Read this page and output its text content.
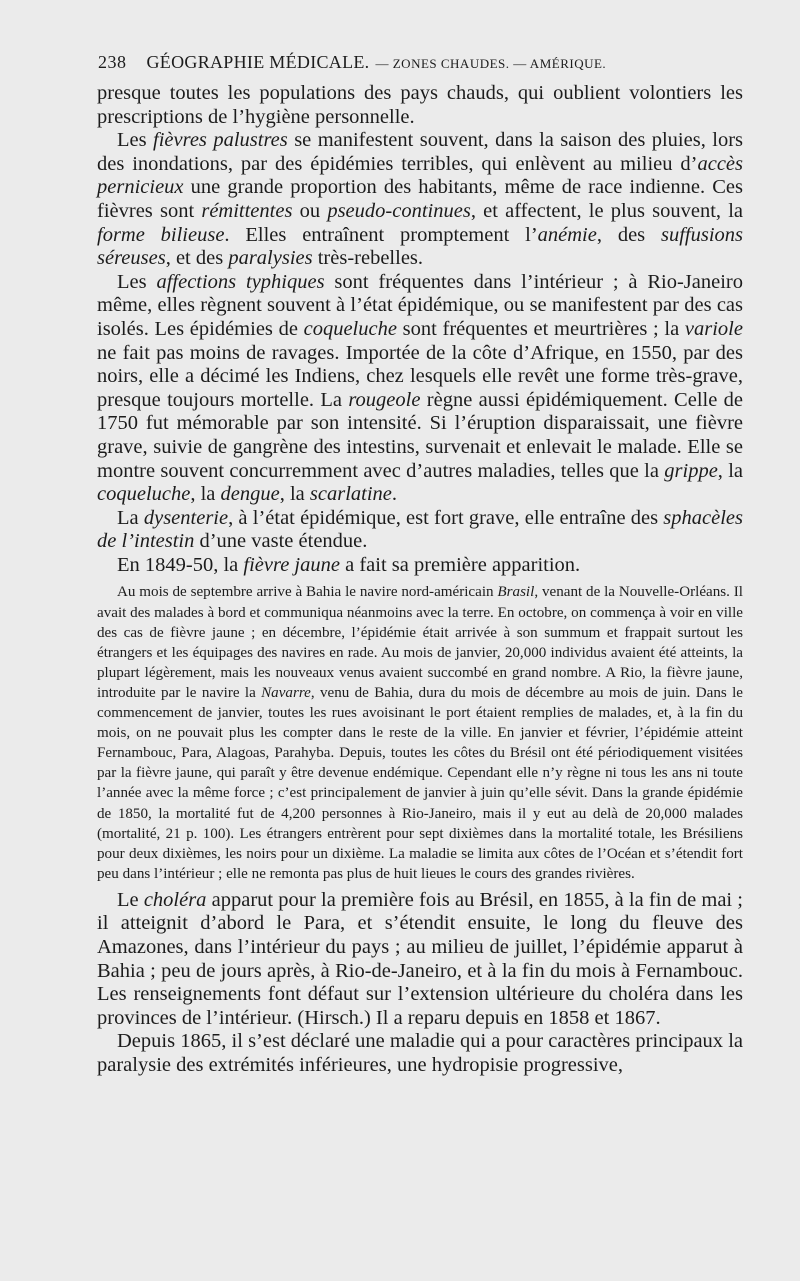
238 GÉOGRAPHIE MÉDICALE. — ZONES CHAUDES. — AMÉRIQUE.

presque toutes les populations des pays chauds, qui oublient volontiers les prescriptions de l’hygiène personnelle.

Les fièvres palustres se manifestent souvent, dans la saison des pluies, lors des inondations, par des épidémies terribles, qui enlèvent au milieu d’accès pernicieux une grande proportion des habitants, même de race indienne. Ces fièvres sont rémittentes ou pseudo-continues, et affectent, le plus souvent, la forme bilieuse. Elles entraînent promptement l’anémie, des suffusions séreuses, et des paralysies très-rebelles.

Les affections typhiques sont fréquentes dans l’intérieur ; à Rio-Janeiro même, elles règnent souvent à l’état épidémique, ou se manifestent par des cas isolés. Les épidémies de coqueluche sont fréquentes et meurtrières ; la variole ne fait pas moins de ravages. Importée de la côte d’Afrique, en 1550, par des noirs, elle a décimé les Indiens, chez lesquels elle revêt une forme très-grave, presque toujours mortelle. La rougeole règne aussi épidémiquement. Celle de 1750 fut mémorable par son intensité. Si l’éruption disparaissait, une fièvre grave, suivie de gangrène des intestins, survenait et enlevait le malade. Elle se montre souvent concurremment avec d’autres maladies, telles que la grippe, la coqueluche, la dengue, la scarlatine.

La dysenterie, à l’état épidémique, est fort grave, elle entraîne des sphacèles de l’intestin d’une vaste étendue.

En 1849-50, la fièvre jaune a fait sa première apparition.

Au mois de septembre arrive à Bahia le navire nord-américain Brasil, venant de la Nouvelle-Orléans. Il avait des malades à bord et communiqua néanmoins avec la terre. En octobre, on commença à voir en ville des cas de fièvre jaune ; en décembre, l’épidémie était arrivée à son summum et frappait surtout les étrangers et les équipages des navires en rade. Au mois de janvier, 20,000 individus avaient été atteints, la plupart légèrement, mais les nouveaux venus avaient succombé en grand nombre. A Rio, la fièvre jaune, introduite par le navire la Navarre, venu de Bahia, dura du mois de décembre au mois de juin. Dans le commencement de janvier, toutes les rues avoisinant le port étaient remplies de malades, et, à la fin du mois, on ne pouvait plus les compter dans le reste de la ville. En janvier et février, l’épidémie atteint Fernambouc, Para, Alagoas, Parahyba. Depuis, toutes les côtes du Brésil ont été périodiquement visitées par la fièvre jaune, qui paraît y être devenue endémique. Cependant elle n’y règne ni tous les ans ni toute l’année avec la même force ; c’est principalement de janvier à juin qu’elle sévit. Dans la grande épidémie de 1850, la mortalité fut de 4,200 personnes à Rio-Janeiro, mais il y eut au delà de 20,000 malades (mortalité, 21 p. 100). Les étrangers entrèrent pour sept dixièmes dans la mortalité totale, les Brésiliens pour deux dixièmes, les noirs pour un dixième. La maladie se limita aux côtes de l’Océan et s’étendit fort peu dans l’intérieur ; elle ne remonta pas plus de huit lieues le cours des grandes rivières.

Le choléra apparut pour la première fois au Brésil, en 1855, à la fin de mai ; il atteignit d’abord le Para, et s’étendit ensuite, le long du fleuve des Amazones, dans l’intérieur du pays ; au milieu de juillet, l’épidémie apparut à Bahia ; peu de jours après, à Rio-de-Janeiro, et à la fin du mois à Fernambouc. Les renseignements font défaut sur l’extension ultérieure du choléra dans les provinces de l’intérieur. (Hirsch.) Il a reparu depuis en 1858 et 1867.

Depuis 1865, il s’est déclaré une maladie qui a pour caractères principaux la paralysie des extrémités inférieures, une hydropisie progressive,
